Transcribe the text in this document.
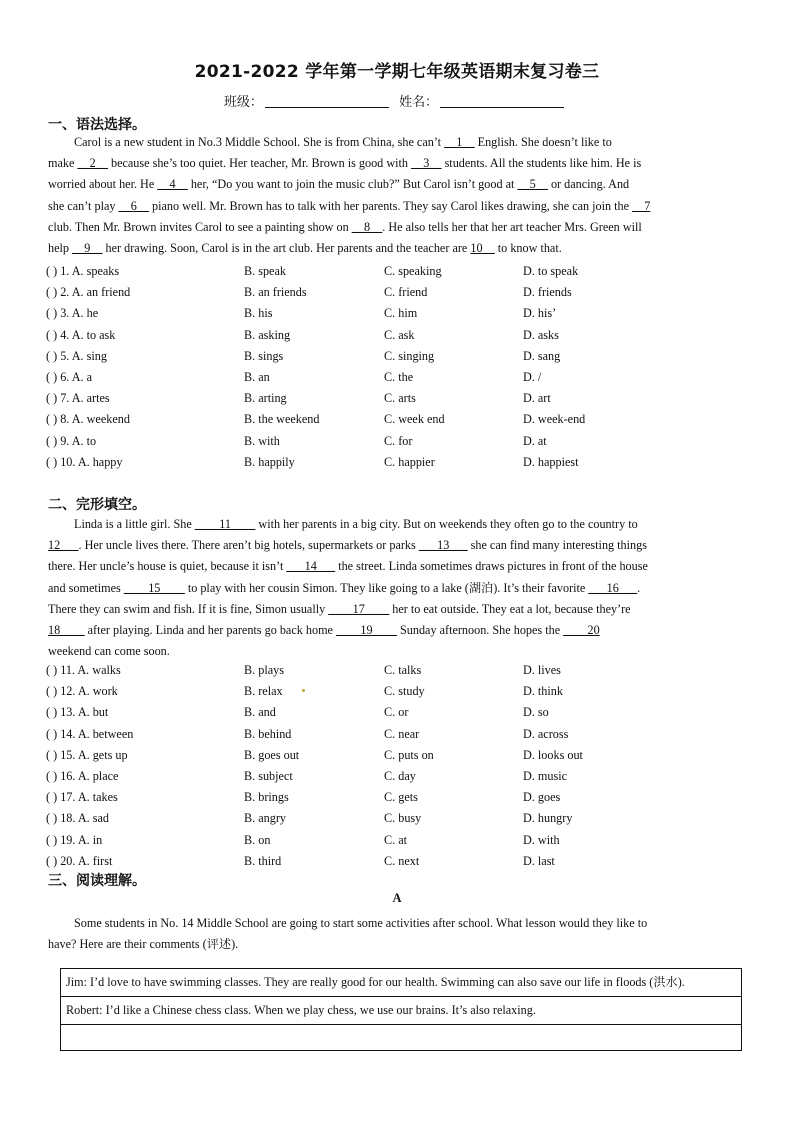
2021-2022 学年第一学期七年级英语期末复习卷三
班级：	姓名：
一、语法选择。
Carol is a new student in No.3 Middle School. She is from China, she can’t __1__ English. She doesn’t like to
make __2__ because she’s too quiet. Her teacher, Mr. Brown is good with __3__ students. All the students like him. He is
worried about her. He __4__ her, “Do you want to join the music club?” But Carol isn’t good at __5__ or dancing. And
she can’t play __6__ piano well. Mr. Brown has to talk with her parents. They say Carol likes drawing, she can join the __7
club. Then Mr. Brown invites Carol to see a painting show on __8__. He also tells her that her art teacher Mrs. Green will
help __9__ her drawing. Soon, Carol is in the art club. Her parents and the teacher are 10__ to know that.
( ) 1. A. speaks	B. speak	C. speaking	D. to speak
( ) 2. A. an friend	B. an friends	C. friend	D. friends
( ) 3. A. he	B. his	C. him	D. his’
( ) 4. A. to ask	B. asking	C. ask	D. asks
( ) 5. A. sing	B. sings	C. singing	D. sang
( ) 6. A. a	B. an	C. the	D. /
( ) 7. A. artes	B. arting	C. arts	D. art
( ) 8. A. weekend	B. the weekend	C. week end	D. week-end
( ) 9. A. to	B. with	C. for	D. at
( ) 10. A. happy	B. happily	C. happier	D. happiest
二、完形填空。
Linda is a little girl. She ____11____ with her parents in a big city. But on weekends they often go to the country to
12___. Her uncle lives there. There aren’t big hotels, supermarkets or parks ___13___ she can find many interesting things
there. Her uncle’s house is quiet, because it isn’t ___14___ the street. Linda sometimes draws pictures in front of the house
and sometimes ____15____ to play with her cousin Simon. They like going to a lake (湖泊). It’s their favorite ___16___.
There they can swim and fish. If it is fine, Simon usually ____17____ her to eat outside. They eat a lot, because they’re
18____ after playing. Linda and her parents go back home ____19____ Sunday afternoon. She hopes the ____20
weekend can come soon.
( ) 11. A. walks	B. plays	C. talks	D. lives
( ) 12. A. work	B. relax	C. study	D. think
( ) 13. A. but	B. and	C. or	D. so
( ) 14. A. between	B. behind	C. near	D. across
( ) 15. A. gets up	B. goes out	C. puts on	D. looks out
( ) 16. A. place	B. subject	C. day	D. music
( ) 17. A. takes	B. brings	C. gets	D. goes
( ) 18. A. sad	B. angry	C. busy	D. hungry
( ) 19. A. in	B. on	C. at	D. with
( ) 20. A. first	B. third	C. next	D. last
三、阅读理解。
A
Some students in No. 14 Middle School are going to start some activities after school. What lesson would they like to
have? Here are their comments (评述).
Jim: I’d love to have swimming classes. They are really good for our health. Swimming can also save our life in floods (洪水).
Robert: I’d like a Chinese chess class. When we play chess, we use our brains. It’s also relaxing.
